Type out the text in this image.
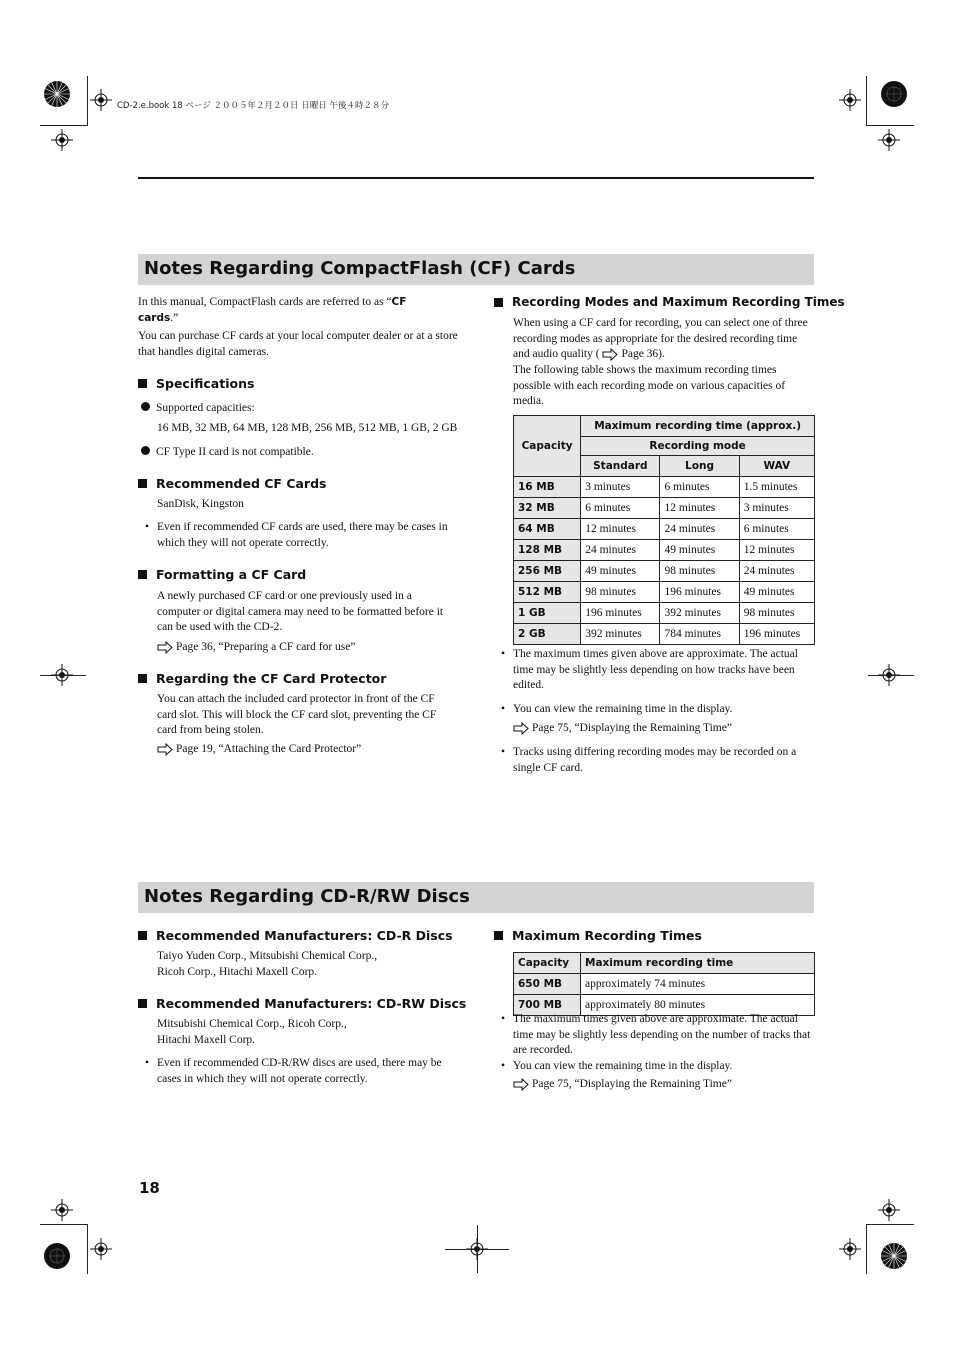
CD-2.e.book 18 ページ ２００５年２月２０日 日曜日 午後４時２８分
Notes Regarding CompactFlash (CF) Cards
In this manual, CompactFlash cards are referred to as “CF
cards.”
You can purchase CF cards at your local computer dealer or at a store that handles digital cameras.
Specifications
Supported capacities:
16 MB, 32 MB, 64 MB, 128 MB, 256 MB, 512 MB, 1 GB, 2 GB
CF Type II card is not compatible.
Recommended CF Cards
SanDisk, Kingston
• Even if recommended CF cards are used, there may be cases in which they will not operate correctly.
Formatting a CF Card
A newly purchased CF card or one previously used in a computer or digital camera may need to be formatted before it can be used with the CD-2.
Page 36, “Preparing a CF card for use”
Regarding the CF Card Protector
You can attach the included card protector in front of the CF card slot. This will block the CF card slot, preventing the CF card from being stolen.
Page 19, “Attaching the Card Protector”
Recording Modes and Maximum Recording Times
When using a CF card for recording, you can select one of three recording modes as appropriate for the desired recording time and audio quality ( Page 36).
The following table shows the maximum recording times possible with each recording mode on various capacities of media.
Capacity	Maximum recording time (approx.)		
	Recording mode		
	Standard	Long	WAV
16 MB	3 minutes	6 minutes	1.5 minutes
32 MB	6 minutes	12 minutes	3 minutes
64 MB	12 minutes	24 minutes	6 minutes
128 MB	24 minutes	49 minutes	12 minutes
256 MB	49 minutes	98 minutes	24 minutes
512 MB	98 minutes	196 minutes	49 minutes
1 GB	196 minutes	392 minutes	98 minutes
2 GB	392 minutes	784 minutes	196 minutes
• The maximum times given above are approximate. The actual time may be slightly less depending on how tracks have been edited.
• You can view the remaining time in the display.
Page 75, “Displaying the Remaining Time”
• Tracks using differing recording modes may be recorded on a single CF card.
Notes Regarding CD-R/RW Discs
Recommended Manufacturers: CD-R Discs
Taiyo Yuden Corp., Mitsubishi Chemical Corp.,
Ricoh Corp., Hitachi Maxell Corp.
Recommended Manufacturers: CD-RW Discs
Mitsubishi Chemical Corp., Ricoh Corp.,
Hitachi Maxell Corp.
• Even if recommended CD-R/RW discs are used, there may be cases in which they will not operate correctly.
Maximum Recording Times
Capacity	Maximum recording time
650 MB	approximately 74 minutes
700 MB	approximately 80 minutes
• The maximum times given above are approximate. The actual time may be slightly less depending on the number of tracks that are recorded.
• You can view the remaining time in the display.
Page 75, “Displaying the Remaining Time”
18
